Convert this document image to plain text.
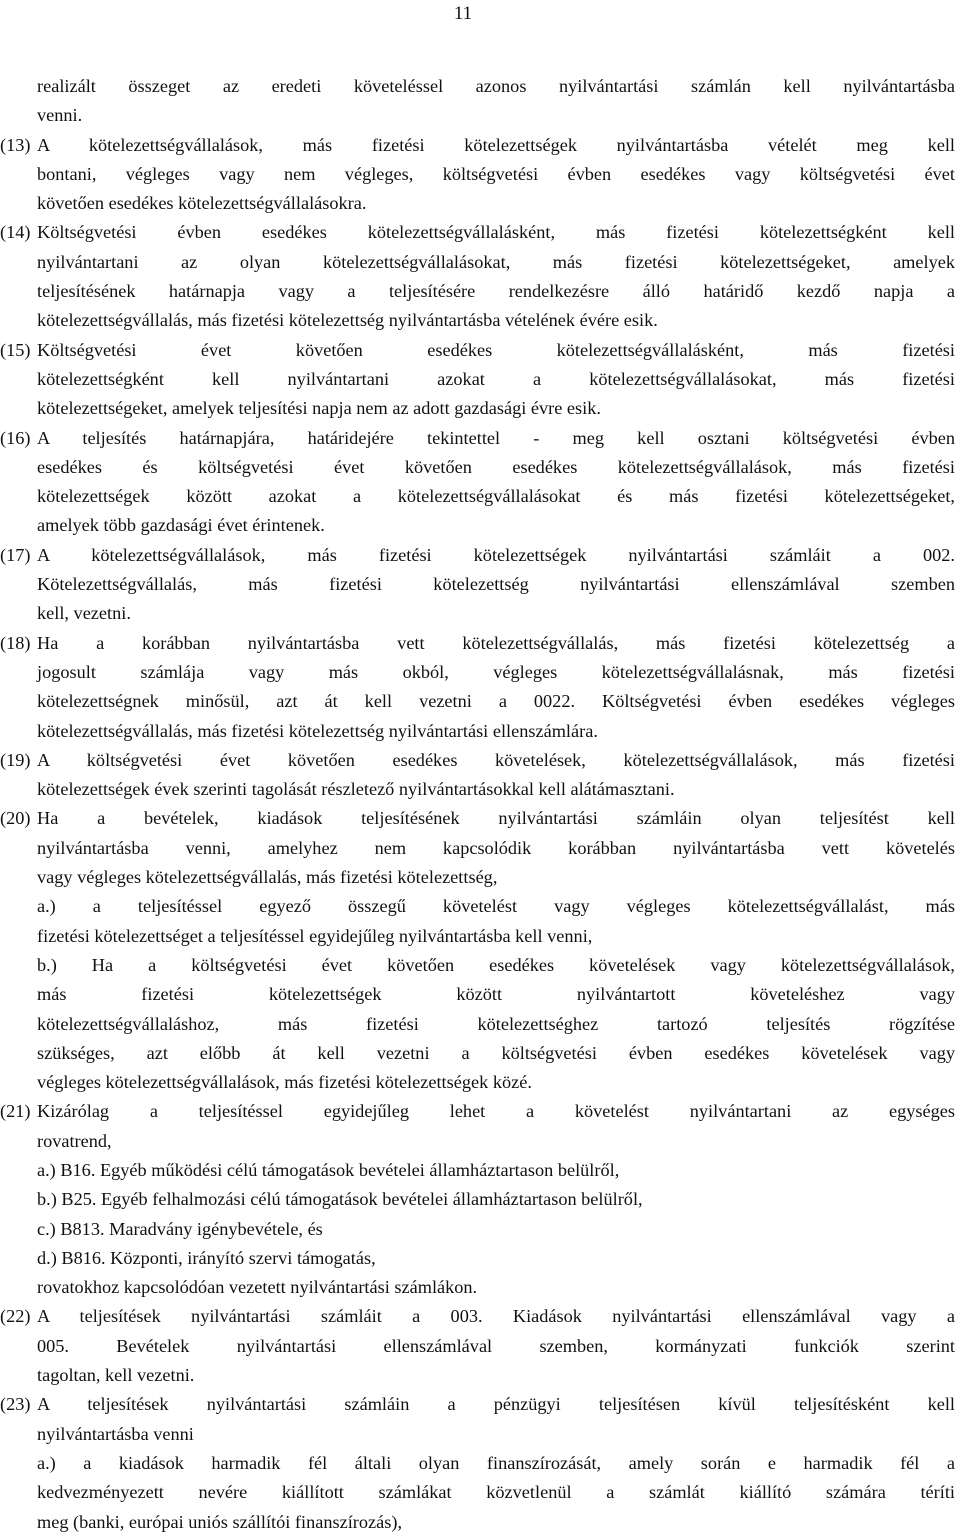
11
realizált összeget az eredeti követeléssel azonos nyilvántartási számlán kell nyilvántartásba
venni.
(13) A kötelezettségvállalások, más fizetési kötelezettségek nyilvántartásba vételét meg kell
bontani, végleges vagy nem végleges, költségvetési évben esedékes vagy költségvetési évet
követően esedékes kötelezettségvállalásokra.
(14) Költségvetési évben esedékes kötelezettségvállalásként, más fizetési kötelezettségként kell
nyilvántartani az olyan kötelezettségvállalásokat, más fizetési kötelezettségeket, amelyek
teljesítésének határnapja vagy a teljesítésére rendelkezésre álló határidő kezdő napja a
kötelezettségvállalás, más fizetési kötelezettség nyilvántartásba vételének évére esik.
(15) Költségvetési évet követően esedékes kötelezettségvállalásként, más fizetési
kötelezettségként kell nyilvántartani azokat a kötelezettségvállalásokat, más fizetési
kötelezettségeket, amelyek teljesítési napja nem az adott gazdasági évre esik.
(16) A teljesítés határnapjára, határidejére tekintettel - meg kell osztani költségvetési évben
esedékes és költségvetési évet követően esedékes kötelezettségvállalások, más fizetési
kötelezettségek között azokat a kötelezettségvállalásokat és más fizetési kötelezettségeket,
amelyek több gazdasági évet érintenek.
(17) A kötelezettségvállalások, más fizetési kötelezettségek nyilvántartási számláit a 002.
Kötelezettségvállalás, más fizetési kötelezettség nyilvántartási ellenszámlával szemben
kell, vezetni.
(18) Ha a korábban nyilvántartásba vett kötelezettségvállalás, más fizetési kötelezettség a
jogosult számlája vagy más okból, végleges kötelezettségvállalásnak, más fizetési
kötelezettségnek minősül, azt át kell vezetni a 0022. Költségvetési évben esedékes végleges
kötelezettségvállalás, más fizetési kötelezettség nyilvántartási ellenszámlára.
(19) A költségvetési évet követően esedékes követelések, kötelezettségvállalások, más fizetési
kötelezettségek évek szerinti tagolását részletező nyilvántartásokkal kell alátámasztani.
(20) Ha a bevételek, kiadások teljesítésének nyilvántartási számláin olyan teljesítést kell
nyilvántartásba venni, amelyhez nem kapcsolódik korábban nyilvántartásba vett követelés
vagy végleges kötelezettségvállalás, más fizetési kötelezettség,
a.) a teljesítéssel egyező összegű követelést vagy végleges kötelezettségvállalást, más
fizetési kötelezettséget a teljesítéssel egyidejűleg nyilvántartásba kell venni,
b.) Ha a költségvetési évet követően esedékes követelések vagy kötelezettségvállalások,
más fizetési kötelezettségek között nyilvántartott követeléshez vagy
kötelezettségvállaláshoz, más fizetési kötelezettséghez tartozó teljesítés rögzítése
szükséges, azt előbb át kell vezetni a költségvetési évben esedékes követelések vagy
végleges kötelezettségvállalások, más fizetési kötelezettségek közé.
(21) Kizárólag a teljesítéssel egyidejűleg lehet a követelést nyilvántartani az egységes
rovatrend,
a.) B16. Egyéb működési célú támogatások bevételei államháztartason belülről,
b.) B25. Egyéb felhalmozási célú támogatások bevételei államháztartason belülről,
c.) B813. Maradvány igénybevétele, és
d.) B816. Központi, irányító szervi támogatás,
rovatokhoz kapcsolódóan vezetett nyilvántartási számlákon.
(22) A teljesítések nyilvántartási számláit a 003. Kiadások nyilvántartási ellenszámlával vagy a
005. Bevételek nyilvántartási ellenszámlával szemben, kormányzati funkciók szerint
tagoltan, kell vezetni.
(23) A teljesítések nyilvántartási számláin a pénzügyi teljesítésen kívül teljesítésként kell
nyilvántartásba venni
a.) a kiadások harmadik fél általi olyan finanszírozását, amely során e harmadik fél a
kedvezményezett nevére kiállított számlákat közvetlenül a számlát kiállító számára téríti
meg (banki, európai uniós szállítói finanszírozás),
